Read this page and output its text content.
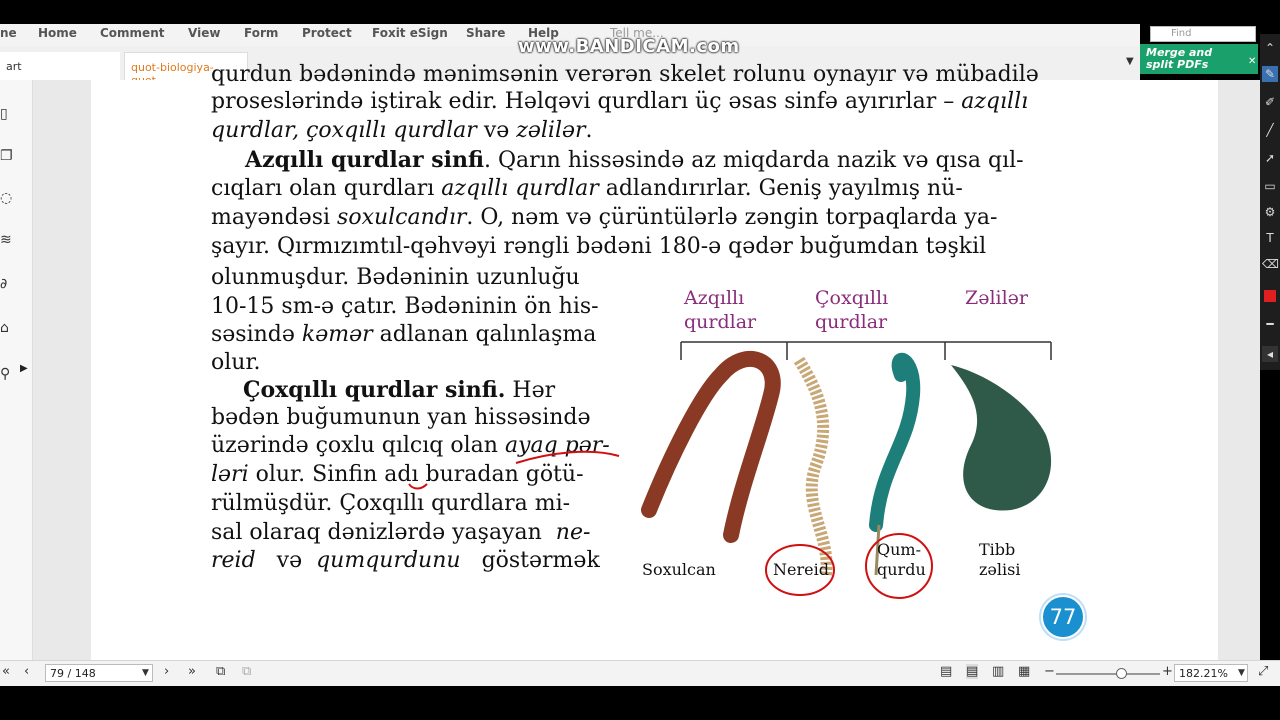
ne Home Comment View Form Protect Foxit eSign Share Help	Tell me...	Find
art	quot-biologiya-
www.BANDICAM.com
▼
Merge and
split PDFs	✕
▯
❐
◌
≋
∂
⌂
⚲ ▶
qurdun bədənində mənimsənin verərən skelet rolunu oynayır və mübadilə
proseslərində iştirak edir. Həlqəvi qurdları üç əsas sinfə ayırırlar – azqıllı
qurdlar, çoxqıllı qurdlar və zəlilər.
Azqıllı qurdlar sinfi. Qarın hissəsində az miqdarda nazik və qısa qıl-
cıqları olan qurdları azqıllı qurdlar adlandırırlar. Geniş yayılmış nü-
mayəndəsi soxulcandır. O, nəm və çürüntülərlə zəngin torpaqlarda ya-
şayır. Qırmızımtıl-qəhvəyi rəngli bədəni 180-ə qədər buğumdan təşkil
olunmuşdur. Bədəninin uzunluğu
10-15 sm-ə çatır. Bədəninin ön his-
səsində kəmər adlanan qalınlaşma
olur.
Çoxqıllı qurdlar sinfi. Hər
bədən buğumunun yan hissəsində
üzərində çoxlu qılcıq olan ayaq pər-
ləri olur. Sinfin adı buradan götü-
rülmüşdür. Çoxqıllı qurdlara mi-
sal olaraq dənizlərdə yaşayan ne-
reid və qumqurdunu göstərmək
Azqıllı
qurdlar
Çoxqıllı
qurdlar
Zəlilər
Soxulcan	Nereid
Qum-
qurdu
Tibb
zəlisi
77
⌃
✎
✐
╱
➚
▭
⚙
T
⌫
━
◂
« ‹	79 / 148	▼ › » ⧉ ⧉	▤ ▤ ▥ ▦ −	+ 182.21%	▼ ⤢
